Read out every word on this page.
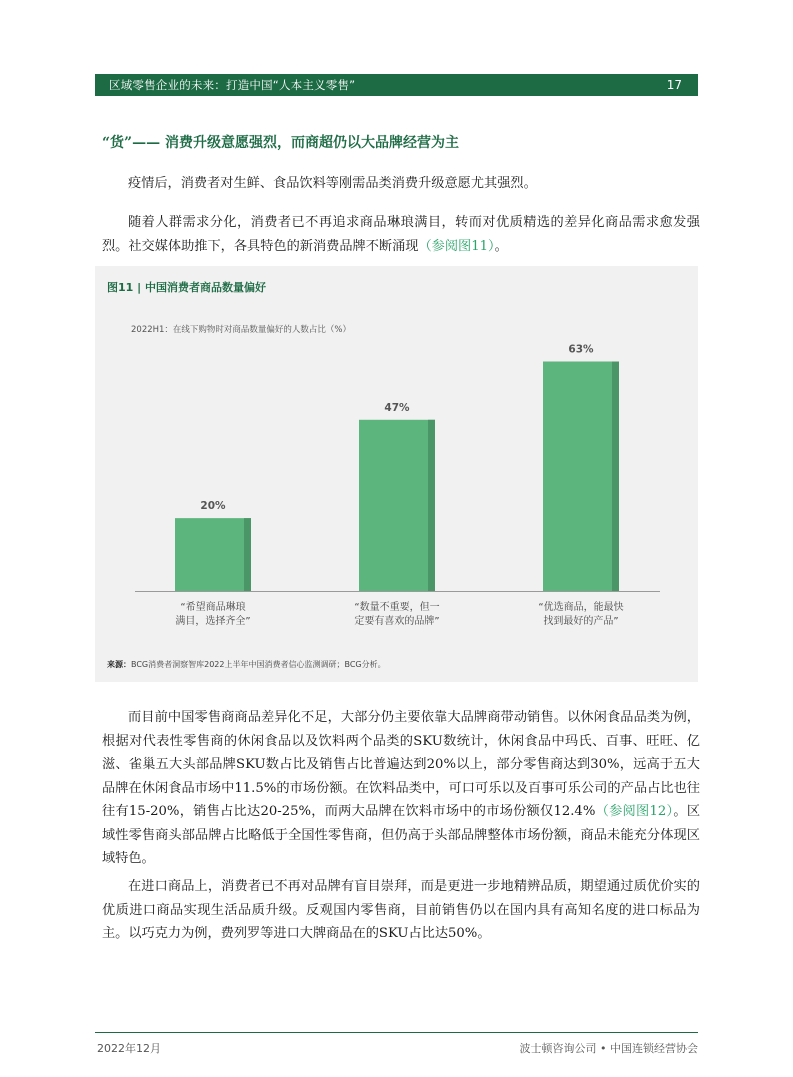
区域零售企业的未来：打造中国“人本主义零售”	17
“货”—— 消费升级意愿强烈，而商超仍以大品牌经营为主

疫情后，消费者对生鲜、食品饮料等刚需品类消费升级意愿尤其强烈。

随着人群需求分化，消费者已不再追求商品琳琅满目，转而对优质精选的差异化商品需求愈发强烈。社交媒体助推下，各具特色的新消费品牌不断涌现（参阅图11）。

图11 | 中国消费者商品数量偏好
2022H1：在线下购物时对商品数量偏好的人数占比（%）
20%
“希望商品琳琅
满目，选择齐全”
47%
“数量不重要，但一
定要有喜欢的品牌”
63%
“优选商品，能最快
找到最好的产品”
来源：BCG消费者洞察智库2022上半年中国消费者信心监测调研；BCG分析。

而目前中国零售商商品差异化不足，大部分仍主要依靠大品牌商带动销售。以休闲食品品类为例，根据对代表性零售商的休闲食品以及饮料两个品类的SKU数统计，休闲食品中玛氏、百事、旺旺、亿滋、雀巢五大头部品牌SKU数占比及销售占比普遍达到20%以上，部分零售商达到30%，远高于五大品牌在休闲食品市场中11.5%的市场份额。在饮料品类中，可口可乐以及百事可乐公司的产品占比也往往有15-20%，销售占比达20-25%，而两大品牌在饮料市场中的市场份额仅12.4%（参阅图12）。区域性零售商头部品牌占比略低于全国性零售商，但仍高于头部品牌整体市场份额，商品未能充分体现区域特色。

在进口商品上，消费者已不再对品牌有盲目崇拜，而是更进一步地精辨品质，期望通过质优价实的优质进口商品实现生活品质升级。反观国内零售商，目前销售仍以在国内具有高知名度的进口标品为主。以巧克力为例，费列罗等进口大牌商品在的SKU占比达50%。

2022年12月	波士顿咨询公司 • 中国连锁经营协会
